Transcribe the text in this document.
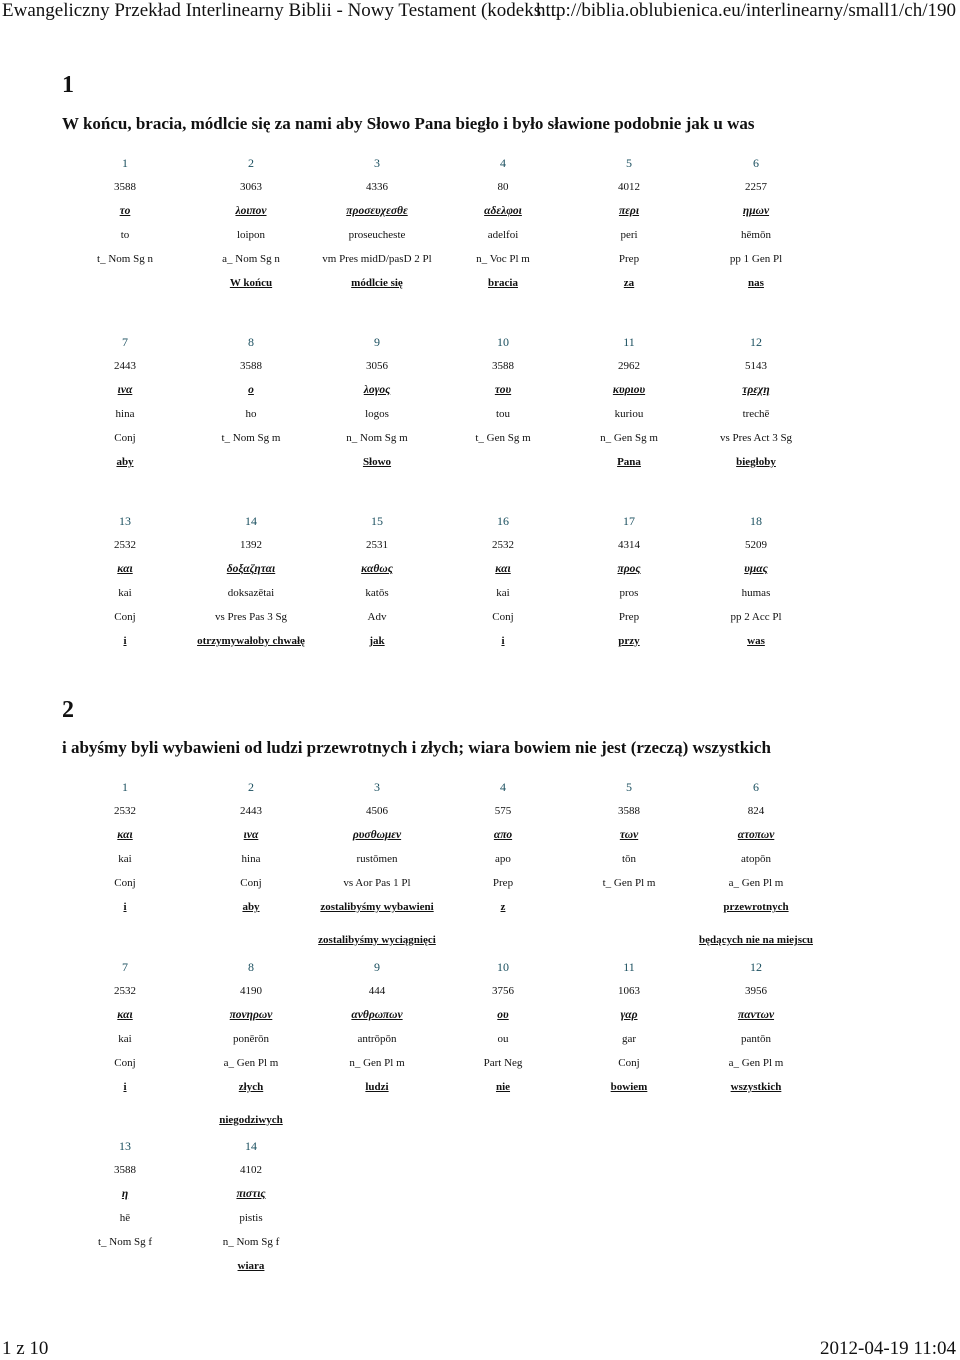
Ewangeliczny Przekład Interlinearny Biblii - Nowy Testament (kodeks ...
http://biblia.oblubienica.eu/interlinearny/small1/ch/190
1
W końcu, bracia, módlcie się za nami aby Słowo Pana biegło i było sławione podobnie jak u was
1
3588
το
to
t_ Nom Sg n
2
3063
λοιπον
loipon
a_ Nom Sg n
W końcu
3
4336
προσευχεσθε
proseucheste
vm Pres midD/pasD 2 Pl
módlcie się
4
80
αδελφοι
adelfoi
n_ Voc Pl m
bracia
5
4012
περι
peri
Prep
za
6
2257
ημων
hēmōn
pp 1 Gen Pl
nas
7
2443
ινα
hina
Conj
aby
8
3588
ο
ho
t_ Nom Sg m
9
3056
λογος
logos
n_ Nom Sg m
Słowo
10
3588
του
tou
t_ Gen Sg m
11
2962
κυριου
kuriou
n_ Gen Sg m
Pana
12
5143
τρεχη
trechē
vs Pres Act 3 Sg
biegłoby
13
2532
και
kai
Conj
i
14
1392
δοξαζηται
doksazētai
vs Pres Pas 3 Sg
otrzymywałoby chwałę
15
2531
καθως
katōs
Adv
jak
16
2532
και
kai
Conj
i
17
4314
προς
pros
Prep
przy
18
5209
υμας
humas
pp 2 Acc Pl
was
2
i abyśmy byli wybawieni od ludzi przewrotnych i złych; wiara bowiem nie jest (rzeczą) wszystkich
1
2532
και
kai
Conj
i
2
2443
ινα
hina
Conj
aby
3
4506
ρυσθωμεν
rustōmen
vs Aor Pas 1 Pl
zostalibyśmy wybawieni
zostalibyśmy wyciągnięci
4
575
απο
apo
Prep
z
5
3588
των
tōn
t_ Gen Pl m
6
824
ατοπων
atopōn
a_ Gen Pl m
przewrotnych
będących nie na miejscu
7
2532
και
kai
Conj
i
8
4190
πονηρων
ponērōn
a_ Gen Pl m
złych
niegodziwych
9
444
ανθρωπων
antrōpōn
n_ Gen Pl m
ludzi
10
3756
ου
ou
Part Neg
nie
11
1063
γαρ
gar
Conj
bowiem
12
3956
παντων
pantōn
a_ Gen Pl m
wszystkich
13
3588
η
hē
t_ Nom Sg f
14
4102
πιστις
pistis
n_ Nom Sg f
wiara
1 z 10	2012-04-19 11:04
